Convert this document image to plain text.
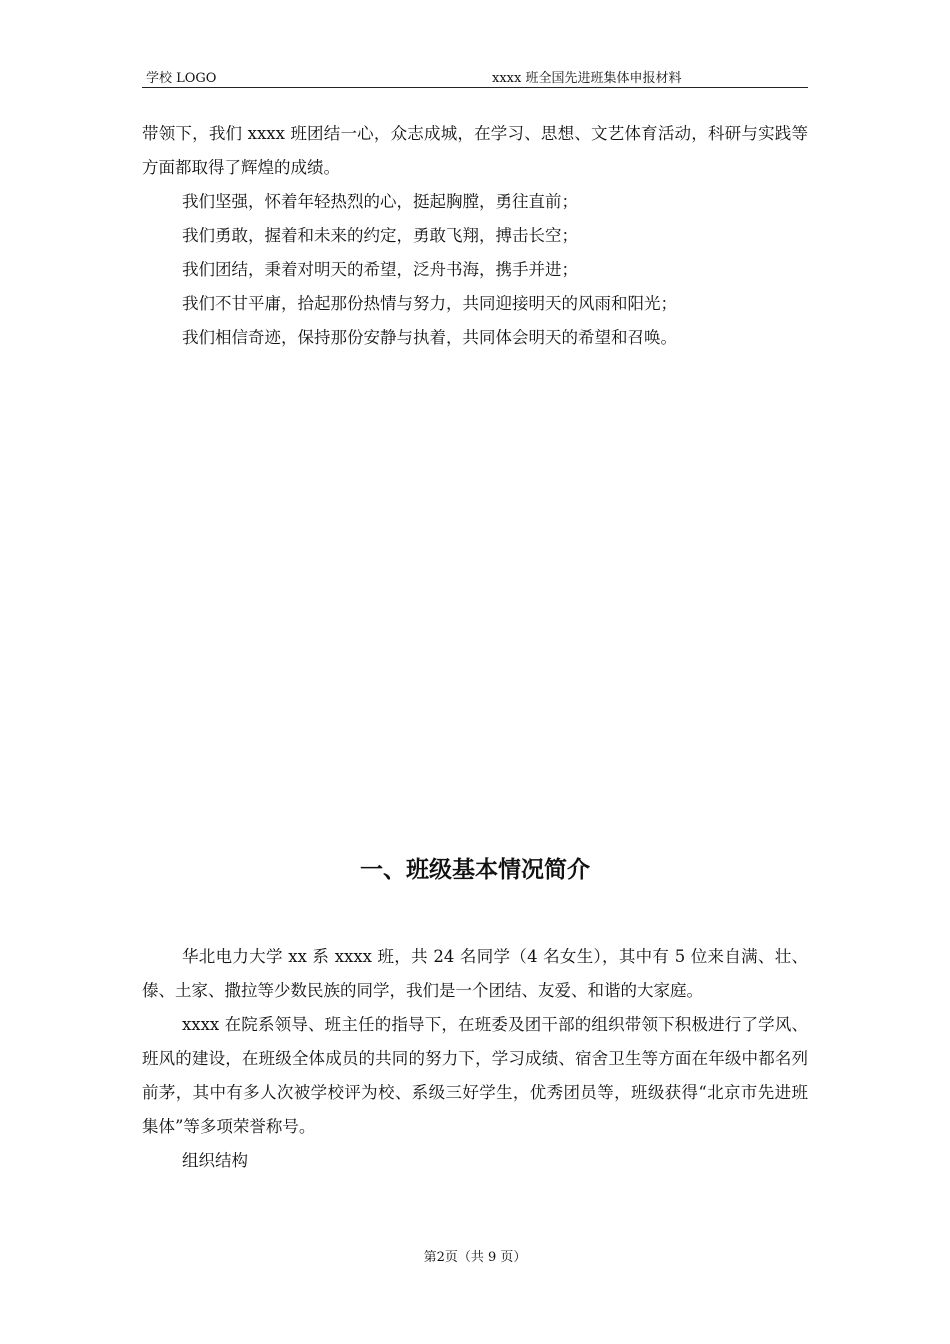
学校 LOGO	xxxx 班全国先进班集体申报材料

带领下，我们 xxxx 班团结一心，众志成城，在学习、思想、文艺体育活动，科研与实践等方面都取得了辉煌的成绩。

我们坚强，怀着年轻热烈的心，挺起胸膛，勇往直前；

我们勇敢，握着和未来的约定，勇敢飞翔，搏击长空；

我们团结，秉着对明天的希望，泛舟书海，携手并进；

我们不甘平庸，拾起那份热情与努力，共同迎接明天的风雨和阳光；

我们相信奇迹，保持那份安静与执着，共同体会明天的希望和召唤。

一、班级基本情况简介

华北电力大学 xx 系 xxxx 班，共 24 名同学（4 名女生），其中有 5 位来自满、壮、傣、土家、撒拉等少数民族的同学，我们是一个团结、友爱、和谐的大家庭。

xxxx 在院系领导、班主任的指导下，在班委及团干部的组织带领下积极进行了学风、班风的建设，在班级全体成员的共同的努力下，学习成绩、宿舍卫生等方面在年级中都名列前茅，其中有多人次被学校评为校、系级三好学生，优秀团员等，班级获得“北京市先进班集体”等多项荣誉称号。

组织结构

第2页（共 9 页）
